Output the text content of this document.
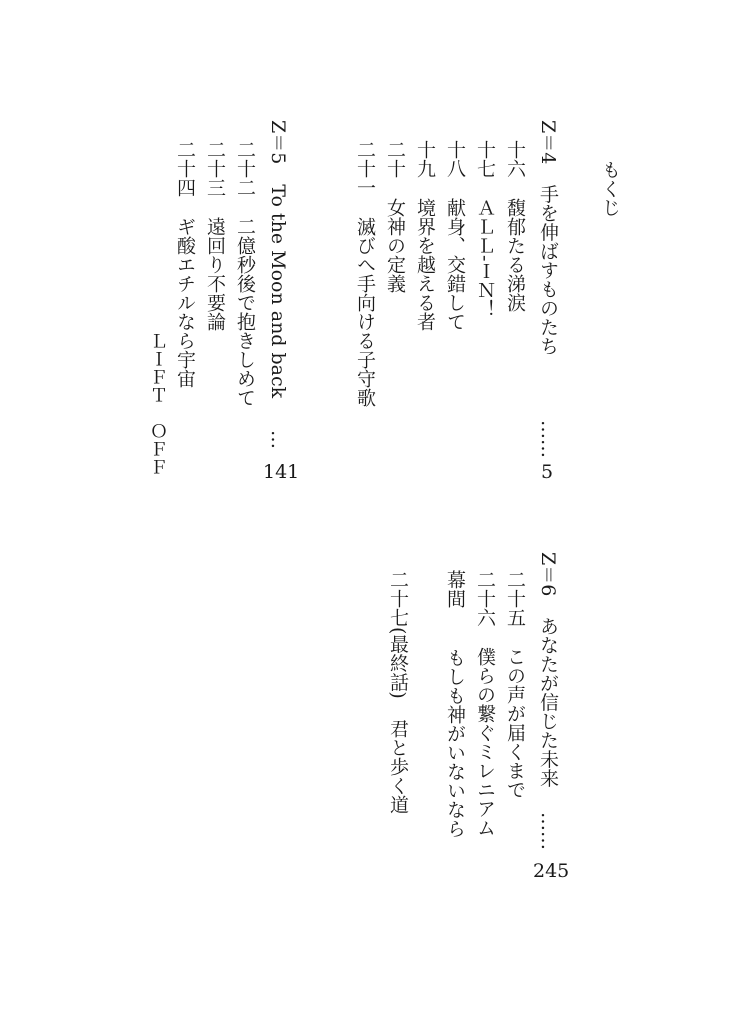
もくじ
Z＝4手を伸ばすものたち
……
5
十六馥郁たる涕涙
十七ＡＬＬ‐ＩＮ！
十八献身、交錯して
十九境界を越える者
二十女神の定義
二十一滅びへ手向ける子守歌
Z＝5To the Moon and back
…
141
二十二二億秒後で抱きしめて
二十三遠回り不要論
二十四ギ酸エチルなら宇宙
ＬＩＦＴ　ＯＦＦ
Z＝6あなたが信じた未来
……
245
二十五この声が届くまで
二十六僕らの繋ぐミレニアム
幕間もしも神がいないなら
二十七(最終話)君と歩く道
